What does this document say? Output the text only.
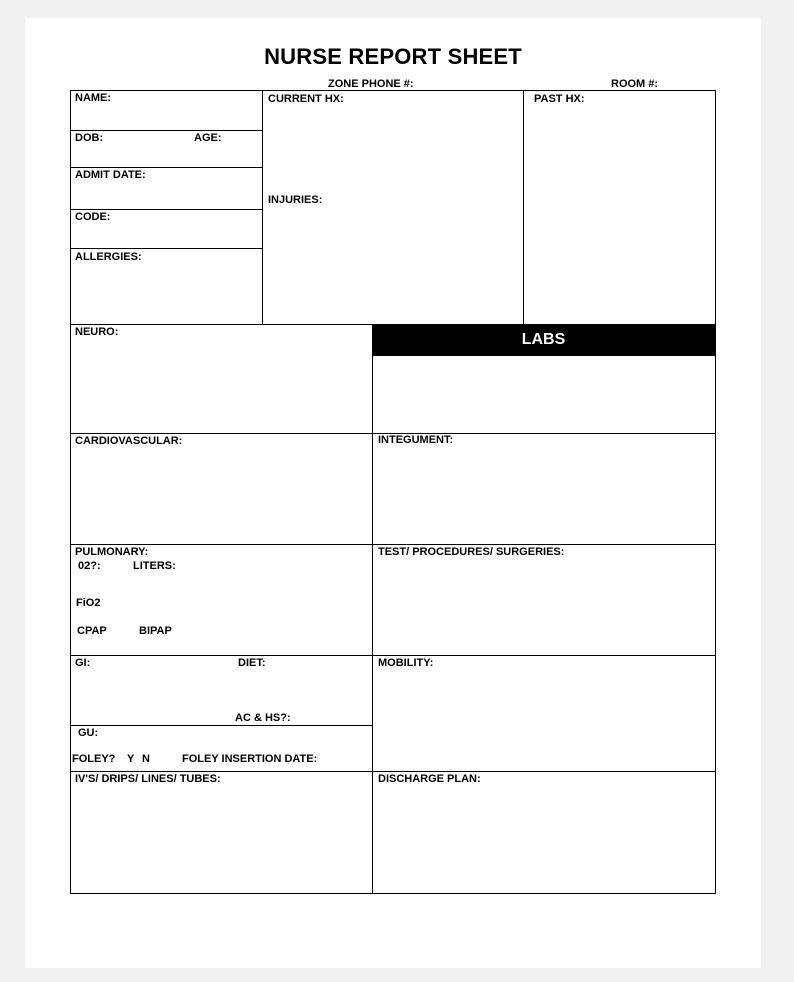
NURSE REPORT SHEET
ZONE PHONE #:	ROOM #:
LABS
NAME:
DOB:	AGE:
ADMIT DATE:
CODE:
ALLERGIES:
CURRENT HX:
INJURIES:
PAST HX:
NEURO:
CARDIOVASCULAR:	INTEGUMENT:
PULMONARY:
02?:	LITERS:
FiO2
CPAP	BIPAP
TEST/ PROCEDURES/ SURGERIES:
GI:	DIET:
AC & HS?:
GU:
FOLEY? Y N	FOLEY INSERTION DATE:
MOBILITY:
IV'S/ DRIPS/ LINES/ TUBES:	DISCHARGE PLAN:
